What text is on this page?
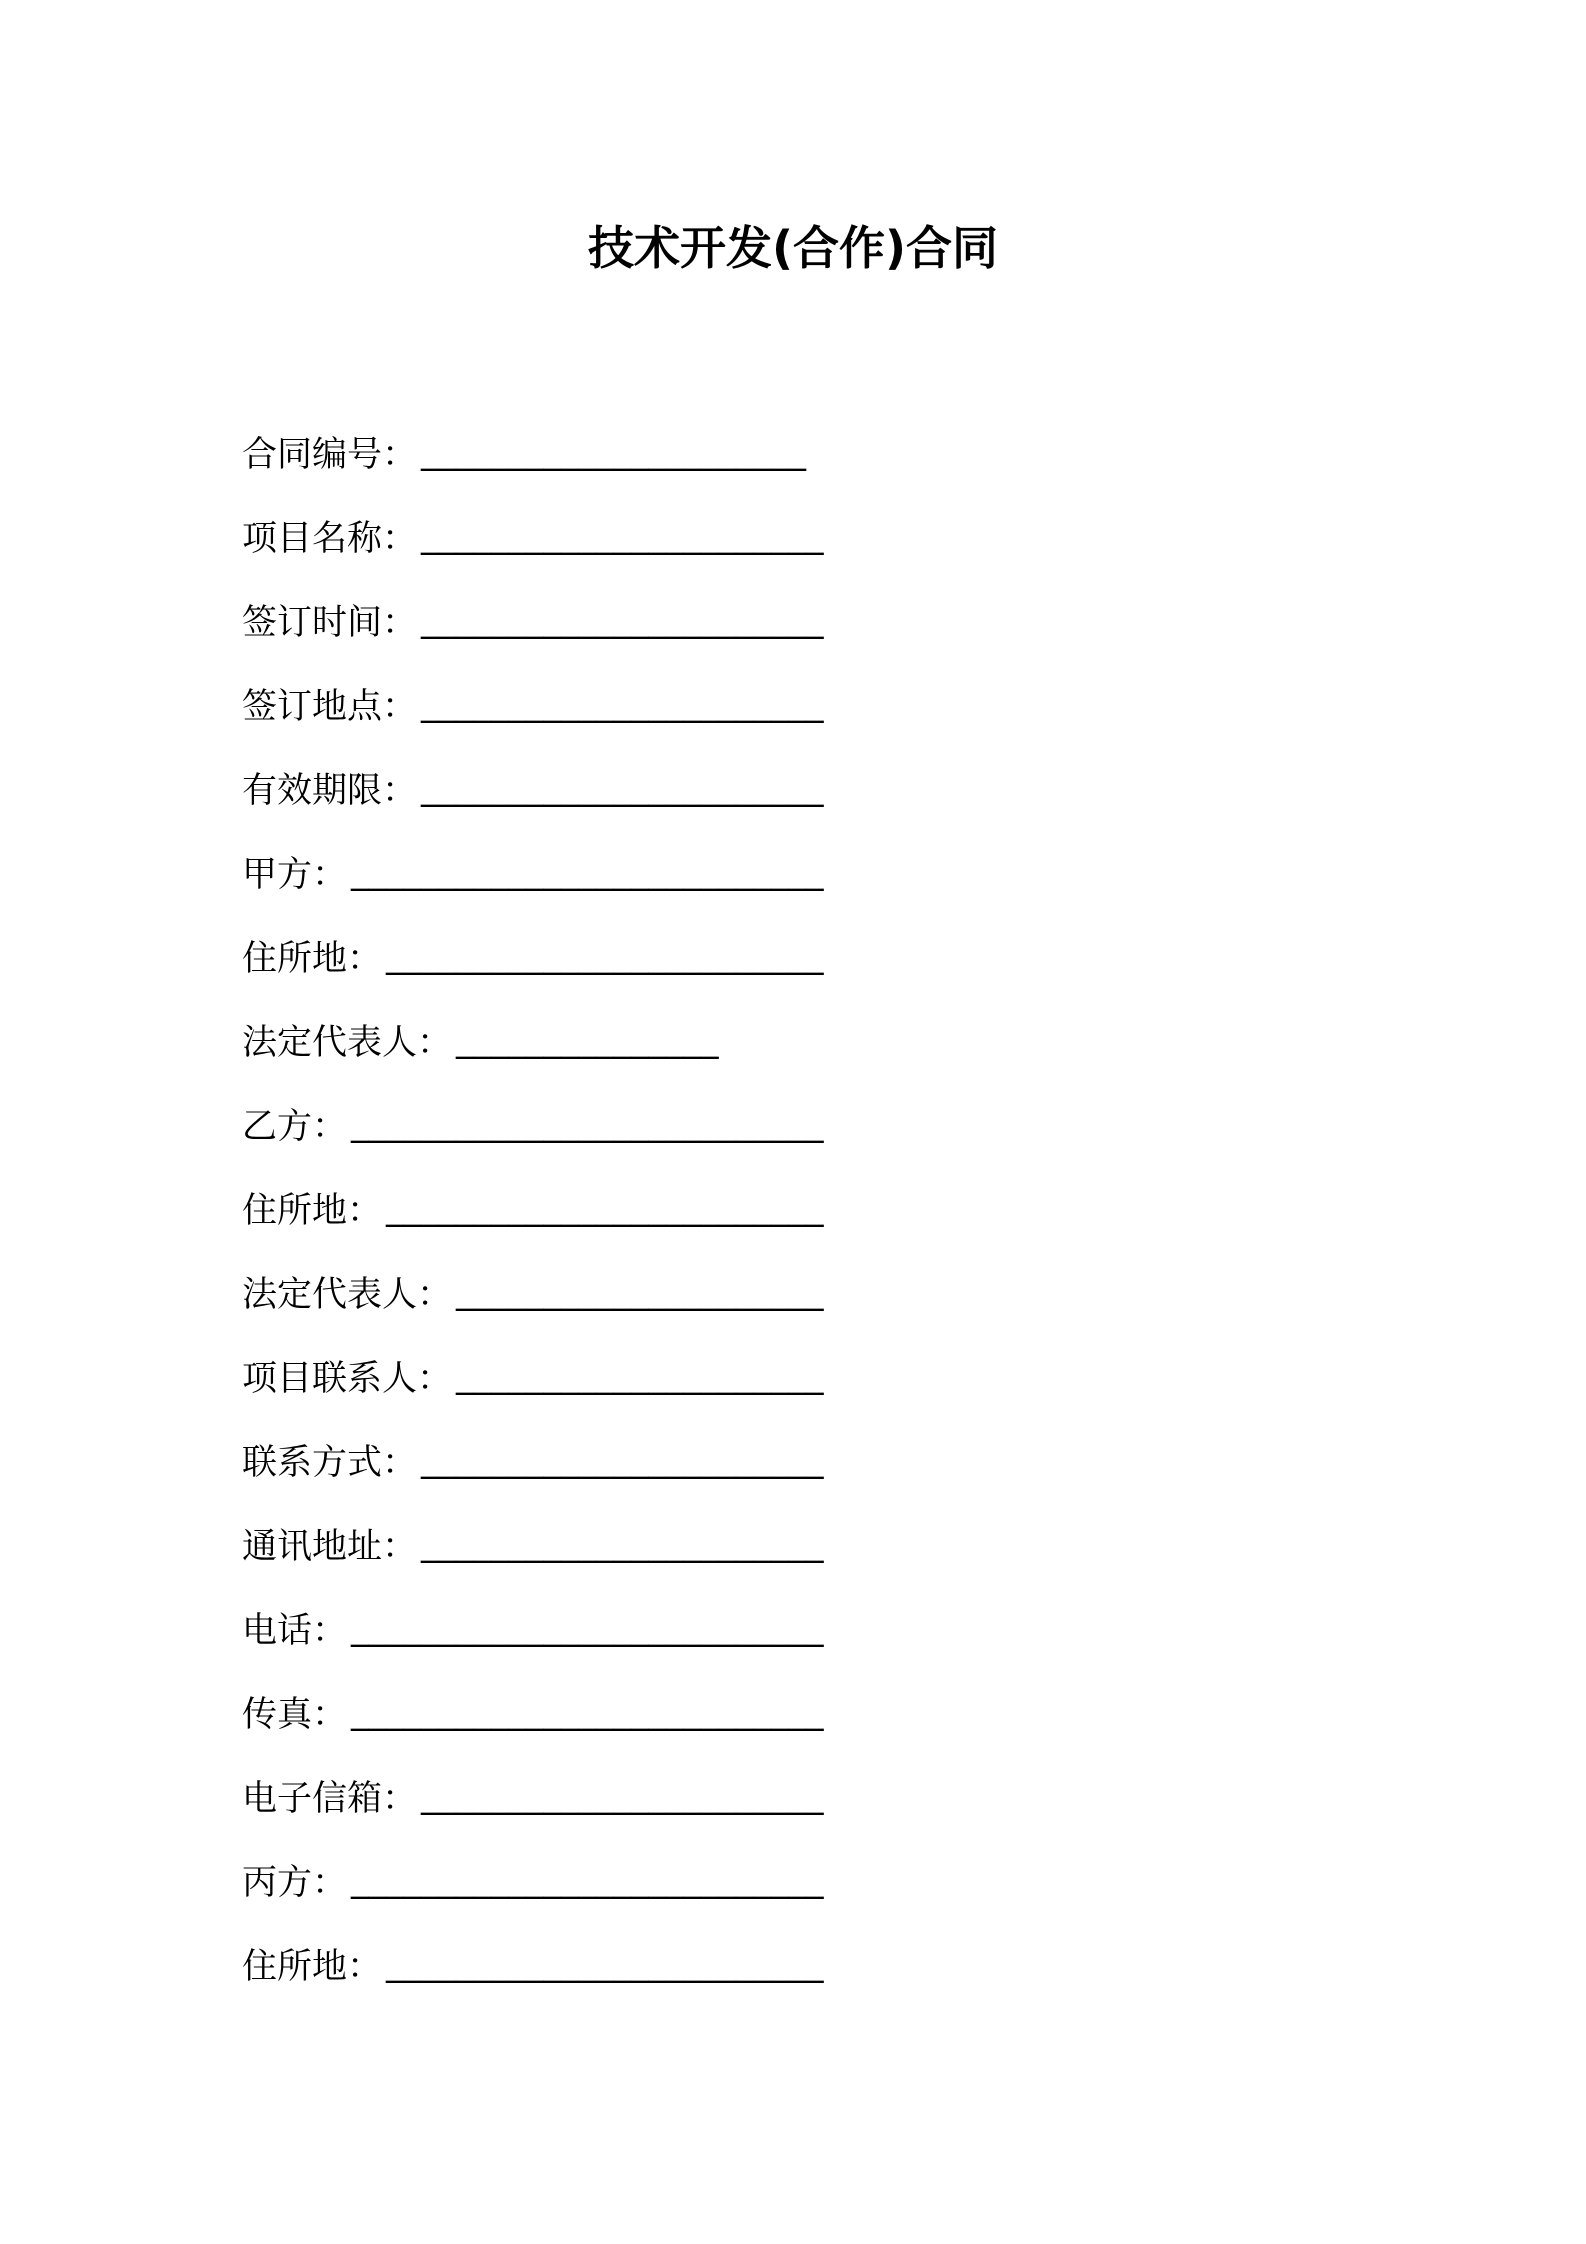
技术开发(合作)合同
合同编号： ______________________
项目名称： _______________________
签订时间： _______________________
签订地点： _______________________
有效期限： _______________________
甲方： ___________________________
住所地： _________________________
法定代表人： _______________
乙方： ___________________________
住所地： _________________________
法定代表人： _____________________
项目联系人： _____________________
联系方式： _______________________
通讯地址： _______________________
电话： ___________________________
传真： ___________________________
电子信箱： _______________________
丙方： ___________________________
住所地： _________________________
